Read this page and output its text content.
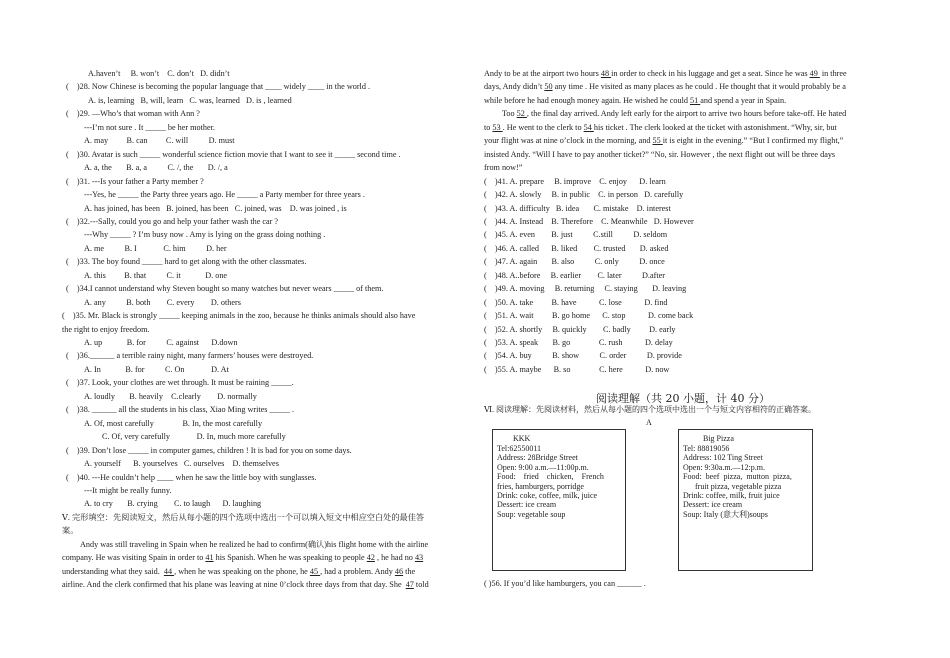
A.haven’t     B. won’t    C. don’t   D. didn’t
(    )28. Now Chinese is becoming the popular language that ____ widely ____ in the world .
A. is, learning   B, will, learn   C. was, learned   D. is , learned
(    )29. —Who’s that woman with Ann ?
---I’m not sure . It _____ be her mother.
A. may         B. can         C. will          D. must
(    )30. Avatar is such _____ wonderful science fiction movie that I want to see it _____ second time .
A. a, the       B. a, a          C. /, the       D. /, a
(    )31. ---Is your father a Party member ?
---Yes, he _____ the Party three years ago. He _____ a Party member for three years .
A. has joined, has been   B. joined, has been   C. joined, was    D. was joined , is
(    )32.---Sally, could you go and help your father wash the car ?
---Why _____ ? I’m busy now . Amy is lying on the grass doing nothing .
A. me          B. I             C. him          D. her
(    )33. The boy found _____ hard to get along with the other classmates.
A. this         B. that          C. it            D. one
(    )34.I cannot understand why Steven bought so many watches but never wears _____ of them.
A. any          B. both        C. every        D. others
(    )35. Mr. Black is strongly _____ keeping animals in the zoo, because he thinks animals should also have
the right to enjoy freedom.
A. up            B. for          C. against      D.down
(    )36.______ a terrible rainy night, many farmers’ houses were destroyed.
A. In            B. for          C. On             D. At
(    )37. Look, your clothes are wet through. It must be raining _____.
A. loudly       B. heavily    C.clearly        D. normally
(    )38. ______ all the students in his class, Xiao Ming writes _____ .
A. Of, most carefully              B. In, the most carefully
C. Of, very carefully             D. In, much more carefully
(    )39. Don’t lose _____ in computer games, children ! It is bad for you on some days.
A. yourself      B. yourselves   C. ourselves    D. themselves
(    )40. ---He couldn’t help ____ when he saw the little boy with sunglasses.
---It might be really funny.
A. to cry       B. crying        C. to laugh      D. laughing
Ⅴ. 完形填空：先阅读短文，然后从每小题的四个选项中选出一个可以填入短文中相应空白处的最佳答
案。
Andy was still traveling in Spain when he realized he had to confirm(确认)his flight home with the airline
company. He was visiting Spain in order to 41 his Spanish. When he was speaking to people 42 , he had no 43
understanding what they said.  44 , when he was speaking on the phone, he 45 , had a problem. Andy 46 the
airline. And the clerk confirmed that his plane was leaving at nine 0’clock three days from that day. She  47 told
Andy to be at the airport two hours 48 in order to check in his luggage and get a seat. Since he was 49  in three
days, Andy didn’t 50 any time . He visited as many places as he could . He thought that it would probably be a
while before he had enough money again. He wished he could 51 and spend a year in Spain.
Too 52 , the final day arrived. Andy left early for the airport to arrive two hours before take-off. He hated
to 53 . He went to the clerk to 54 his ticket . The clerk looked at the ticket with astonishment. “Why, sir, but
your flight was at nine o’clock in the morning, and 55 it is eight in the evening.” “But I confirmed my flight,”
insisted Andy. “Will I have to pay another ticket?” “No, sir. However , the next flight out will be three days
from now!”
(    )41. A. prepare     B. improve    C. enjoy      D. learn
(    )42. A. slowly     B. in public    C. in person   D. carefully
(    )43. A. difficulty   B. idea       C. mistake    D. interest
(    )44. A. Instead    B. Therefore    C. Meanwhile   D. However
(    )45. A. even        B. just          C.still          D. seldom
(    )46. A. called      B. liked        C. trusted       D. asked
(    )47. A. again       B. also          C. only          D. once
(    )48. A..before     B. earlier        C. later          D.after
(    )49. A. moving     B. returning     C. staying       D. leaving
(    )50. A. take         B. have           C. lose           D. find
(    )51. A. wait         B. go home      C. stop           D. come back
(    )52. A. shortly     B. quickly        C. badly         D. early
(    )53. A. speak       B. go              C. rush           D. delay
(    )54. A. buy          B. show          C. order          D. provide
(    )55. A. maybe      B. so              C. here           D. now
阅读理解（共 20 小题，计 40 分）
Ⅵ. 阅读理解：先阅读材料，然后从每小题的四个选项中选出一个与短文内容相符的正确答案。
A
KKK
Tel:62550011
Address: 28Bridge Street
Open: 9:00 a.m.—11:00p.m.
Food:    fried    chicken,    French
fries, hamburgers, porridge
Drink: coke, coffee, milk, juice
Dessert: ice cream
Soup: vegetable soup
Big Pizza
Tel: 88819056
Address: 102 Ting Street
Open: 9:30a.m.—12:p.m.
Food:  beef  pizza,  mutton  pizza,
fruit pizza, vegetable pizza
Drink: coffee, milk, fruit juice
Dessert: ice cream
Soup: Italy (意大利)soups
( )56. If you’d like hamburgers, you can ______ .
